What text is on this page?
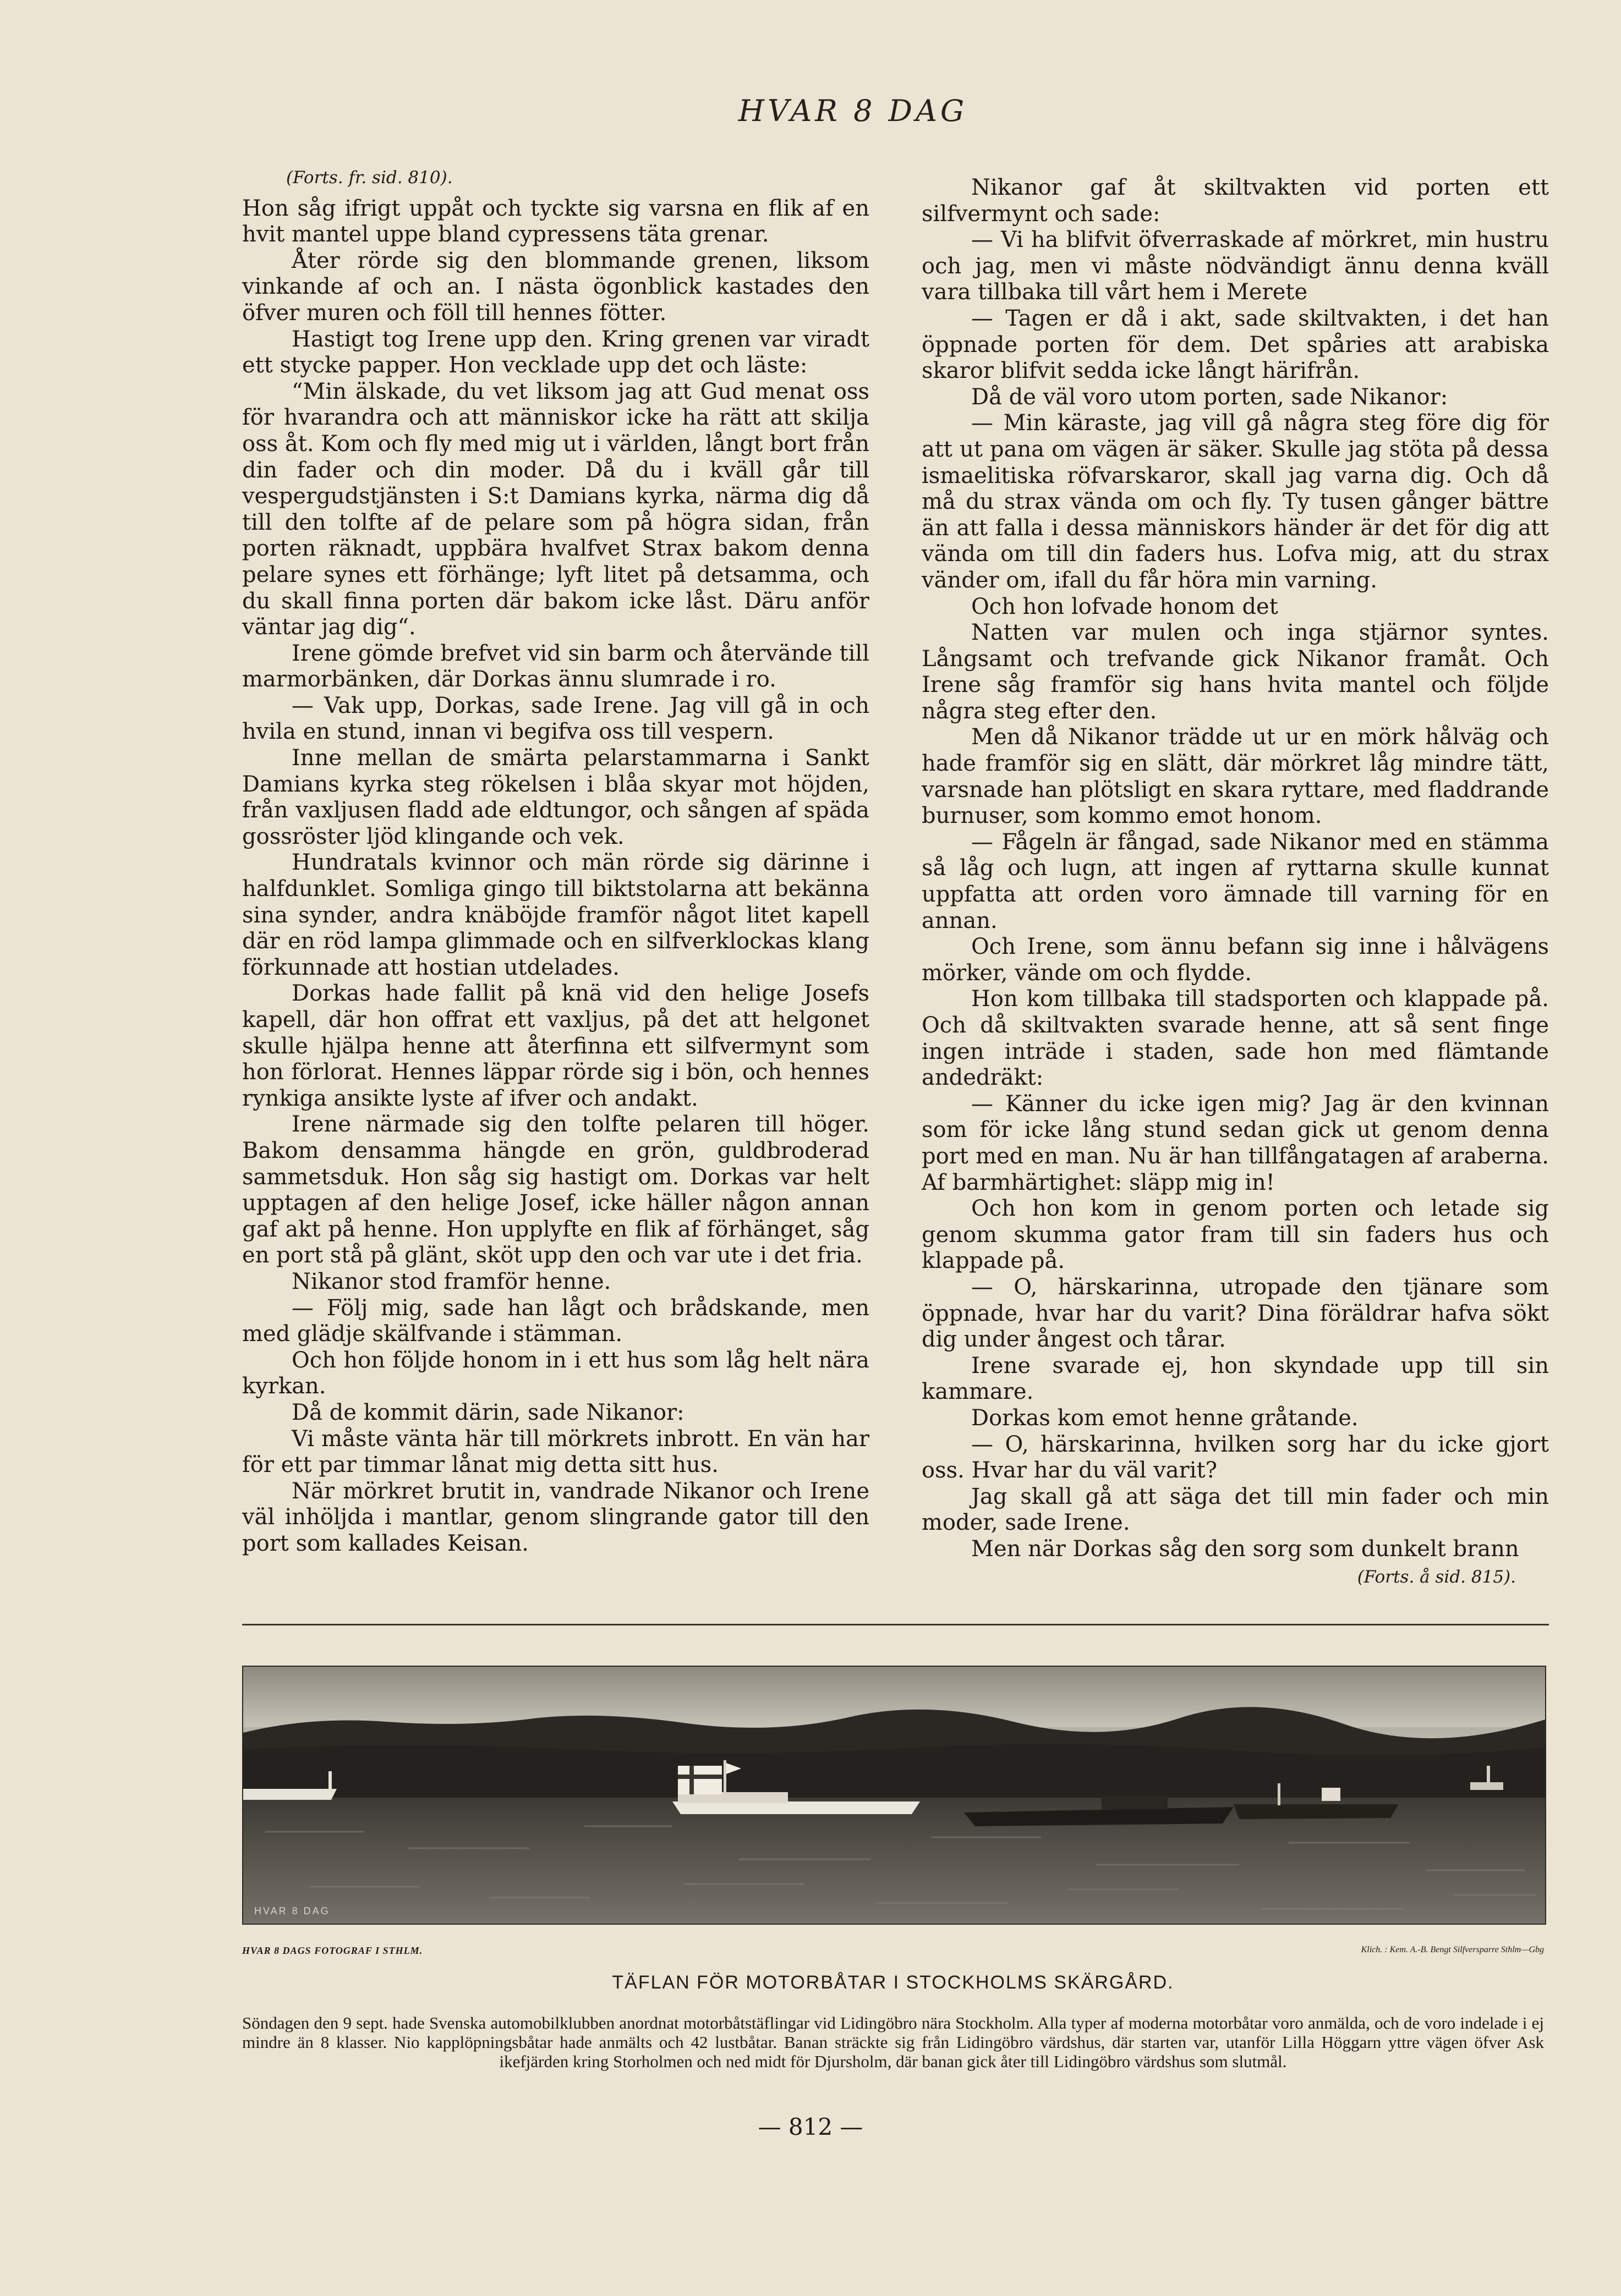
HVAR 8 DAG

(Forts. fr. sid. 810).

Hon såg ifrigt uppåt och tyckte sig varsna en flik af en hvit mantel uppe bland cypressens täta grenar.

Åter rörde sig den blommande grenen, liksom vinkande af och an. I nästa ögonblick kastades den öfver muren och föll till hennes fötter.

Hastigt tog Irene upp den. Kring grenen var viradt ett stycke papper. Hon vecklade upp det och läste:

“Min älskade, du vet liksom jag att Gud menat oss för hvarandra och att människor icke ha rätt att skilja oss åt. Kom och fly med mig ut i världen, långt bort från din fader och din moder. Då du i kväll går till vespergudstjänsten i S:t Damians kyrka, närma dig då till den tolfte af de pelare som på högra sidan, från porten räknadt, uppbära hvalfvet Strax bakom denna pelare synes ett förhänge; lyft litet på detsamma, och du skall finna porten där bakom icke låst. Däru anför väntar jag dig“.

Irene gömde brefvet vid sin barm och återvände till marmorbänken, där Dorkas ännu slumrade i ro.

— Vak upp, Dorkas, sade Irene. Jag vill gå in och hvila en stund, innan vi begifva oss till vespern.

Inne mellan de smärta pelarstammarna i Sankt Damians kyrka steg rökelsen i blåa skyar mot höjden, från vaxljusen fladd ade eldtungor, och sången af späda gossröster ljöd klingande och vek.

Hundratals kvinnor och män rörde sig därinne i halfdunklet. Somliga gingo till biktstolarna att bekänna sina synder, andra knäböjde framför något litet kapell där en röd lampa glimmade och en silfverklockas klang förkunnade att hostian utdelades.

Dorkas hade fallit på knä vid den helige Josefs kapell, där hon offrat ett vaxljus, på det att helgonet skulle hjälpa henne att återfinna ett silfvermynt som hon förlorat. Hennes läppar rörde sig i bön, och hennes rynkiga ansikte lyste af ifver och andakt.

Irene närmade sig den tolfte pelaren till höger. Bakom densamma hängde en grön, guldbroderad sammetsduk. Hon såg sig hastigt om. Dorkas var helt upptagen af den helige Josef, icke häller någon annan gaf akt på henne. Hon upplyfte en flik af förhänget, såg en port stå på glänt, sköt upp den och var ute i det fria.

Nikanor stod framför henne.

— Följ mig, sade han lågt och brådskande, men med glädje skälfvande i stämman.

Och hon följde honom in i ett hus som låg helt nära kyrkan.

Då de kommit därin, sade Nikanor:

Vi måste vänta här till mörkrets inbrott. En vän har för ett par timmar lånat mig detta sitt hus.

När mörkret brutit in, vandrade Nikanor och Irene väl inhöljda i mantlar, genom slingrande gator till den port som kallades Keisan.

Nikanor gaf åt skiltvakten vid porten ett silfvermynt och sade:

— Vi ha blifvit öfverraskade af mörkret, min hustru och jag, men vi måste nödvändigt ännu denna kväll vara tillbaka till vårt hem i Merete

— Tagen er då i akt, sade skiltvakten, i det han öppnade porten för dem. Det spåries att arabiska skaror blifvit sedda icke långt härifrån.

Då de väl voro utom porten, sade Nikanor:

— Min käraste, jag vill gå några steg före dig för att ut pana om vägen är säker. Skulle jag stöta på dessa ismaelitiska röfvarskaror, skall jag varna dig. Och då må du strax vända om och fly. Ty tusen gånger bättre än att falla i dessa människors händer är det för dig att vända om till din faders hus. Lofva mig, att du strax vänder om, ifall du får höra min varning.

Och hon lofvade honom det

Natten var mulen och inga stjärnor syntes. Långsamt och trefvande gick Nikanor framåt. Och Irene såg framför sig hans hvita mantel och följde några steg efter den.

Men då Nikanor trädde ut ur en mörk hålväg och hade framför sig en slätt, där mörkret låg mindre tätt, varsnade han plötsligt en skara ryttare, med fladdrande burnuser, som kommo emot honom.

— Fågeln är fångad, sade Nikanor med en stämma så låg och lugn, att ingen af ryttarna skulle kunnat uppfatta att orden voro ämnade till varning för en annan.

Och Irene, som ännu befann sig inne i hålvägens mörker, vände om och flydde.

Hon kom tillbaka till stadsporten och klappade på. Och då skiltvakten svarade henne, att så sent finge ingen inträde i staden, sade hon med flämtande andedräkt:

— Känner du icke igen mig? Jag är den kvinnan som för icke lång stund sedan gick ut genom denna port med en man. Nu är han tillfångatagen af araberna. Af barmhärtighet: släpp mig in!

Och hon kom in genom porten och letade sig genom skumma gator fram till sin faders hus och klappade på.

— O, härskarinna, utropade den tjänare som öppnade, hvar har du varit? Dina föräldrar hafva sökt dig under ångest och tårar.

Irene svarade ej, hon skyndade upp till sin kammare.

Dorkas kom emot henne gråtande.

— O, härskarinna, hvilken sorg har du icke gjort oss. Hvar har du väl varit?

Jag skall gå att säga det till min fader och min moder, sade Irene.

Men när Dorkas såg den sorg som dunkelt brann

(Forts. å sid. 815).

HVAR 8 DAG
HVAR 8 DAGS FOTOGRAF I STHLM.	Klich. : Kem. A.-B. Bengt Silfversparre Sthlm—Gbg
TÄFLAN FÖR MOTORBÅTAR I STOCKHOLMS SKÄRGÅRD.
Söndagen den 9 sept. hade Svenska automobilklubben anordnat motorbåtstäflingar vid Lidingöbro nära Stockholm. Alla typer af moderna motorbåtar voro anmälda, och de voro indelade i ej mindre än 8 klasser. Nio kapplöpningsbåtar hade anmälts och 42 lustbåtar. Banan sträckte sig från Lidingöbro värdshus, där starten var, utanför Lilla Höggarn yttre vägen öfver Ask ikefjärden kring Storholmen och ned midt för Djursholm, där banan gick åter till Lidingöbro värdshus som slutmål.
— 812 —
